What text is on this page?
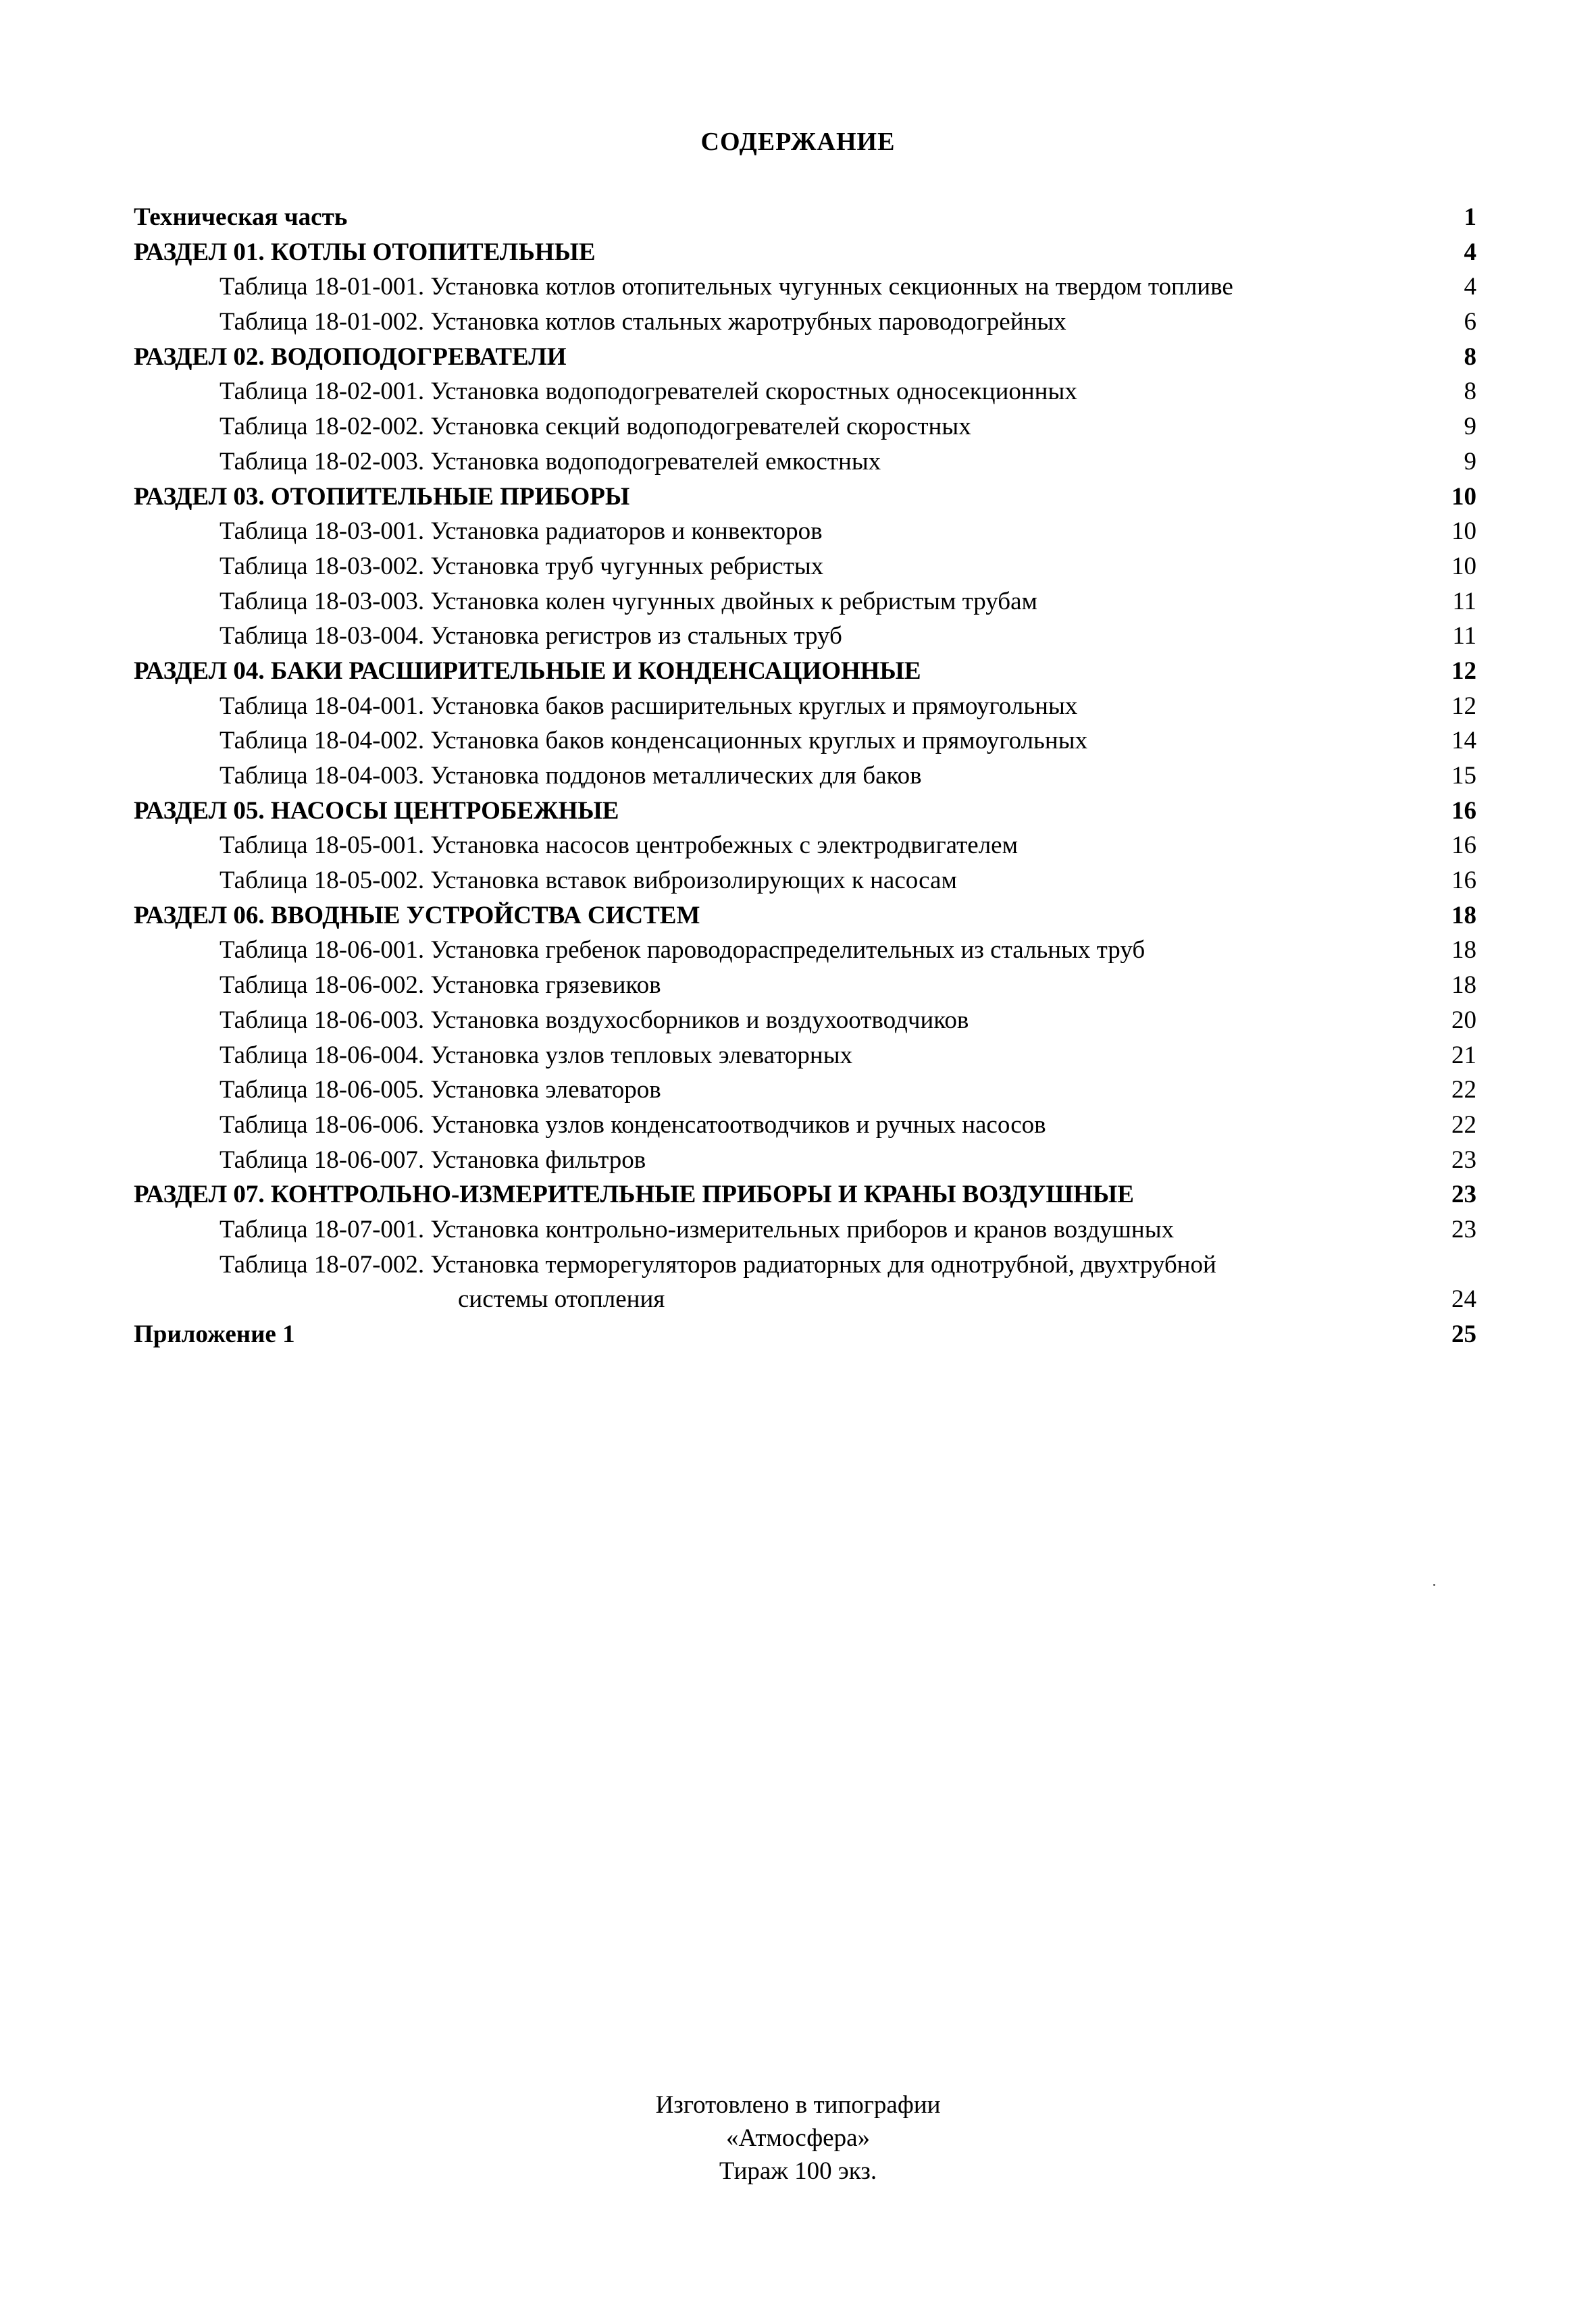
СОДЕРЖАНИЕ
Техническая часть	1
РАЗДЕЛ 01. КОТЛЫ ОТОПИТЕЛЬНЫЕ	4
Таблица 18-01-001. Установка котлов отопительных чугунных секционных на твердом топливе	4
Таблица 18-01-002. Установка котлов стальных жаротрубных пароводогрейных	6
РАЗДЕЛ 02. ВОДОПОДОГРЕВАТЕЛИ	8
Таблица 18-02-001. Установка водоподогревателей скоростных односекционных	8
Таблица 18-02-002. Установка секций водоподогревателей скоростных	9
Таблица 18-02-003. Установка водоподогревателей емкостных	9
РАЗДЕЛ 03. ОТОПИТЕЛЬНЫЕ ПРИБОРЫ	10
Таблица 18-03-001. Установка радиаторов и конвекторов	10
Таблица 18-03-002. Установка труб чугунных ребристых	10
Таблица 18-03-003. Установка колен чугунных двойных к ребристым трубам	11
Таблица 18-03-004. Установка регистров из стальных труб	11
РАЗДЕЛ 04. БАКИ РАСШИРИТЕЛЬНЫЕ И КОНДЕНСАЦИОННЫЕ	12
Таблица 18-04-001. Установка баков расширительных круглых и прямоугольных	12
Таблица 18-04-002. Установка баков конденсационных круглых и прямоугольных	14
Таблица 18-04-003. Установка поддонов металлических для баков	15
РАЗДЕЛ 05. НАСОСЫ ЦЕНТРОБЕЖНЫЕ	16
Таблица 18-05-001. Установка насосов центробежных с электродвигателем	16
Таблица 18-05-002. Установка вставок виброизолирующих к насосам	16
РАЗДЕЛ 06. ВВОДНЫЕ УСТРОЙСТВА СИСТЕМ	18
Таблица 18-06-001. Установка гребенок пароводораспределительных из стальных труб	18
Таблица 18-06-002. Установка грязевиков	18
Таблица 18-06-003. Установка воздухосборников и воздухоотводчиков	20
Таблица 18-06-004. Установка узлов тепловых элеваторных	21
Таблица 18-06-005. Установка элеваторов	22
Таблица 18-06-006. Установка узлов конденсатоотводчиков и ручных насосов	22
Таблица 18-06-007. Установка фильтров	23
РАЗДЕЛ 07. КОНТРОЛЬНО-ИЗМЕРИТЕЛЬНЫЕ ПРИБОРЫ И КРАНЫ ВОЗДУШНЫЕ	23
Таблица 18-07-001. Установка контрольно-измерительных приборов и кранов воздушных	23
Таблица 18-07-002. Установка терморегуляторов радиаторных для однотрубной, двухтрубной
системы отопления	24
Приложение 1	25
Изготовлено в типографии
«Атмосфера»
Тираж 100 экз.
